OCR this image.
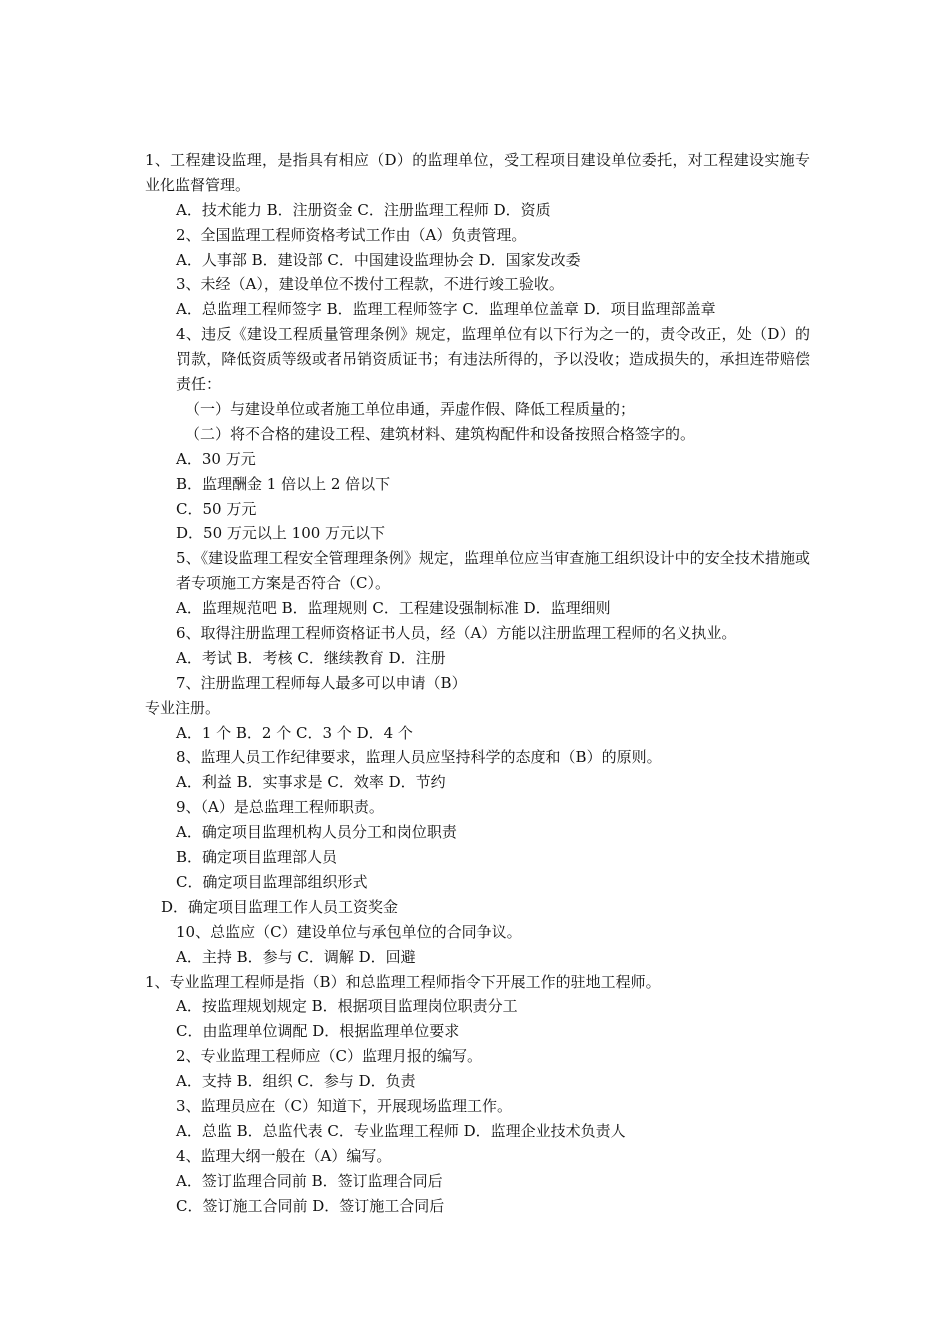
1、工程建设监理，是指具有相应（D）的监理单位，受工程项目建设单位委托，对工程建设实施专业化监督管理。
A．技术能力 B．注册资金 C．注册监理工程师 D．资质
2、全国监理工程师资格考试工作由（A）负责管理。
A．人事部 B．建设部 C．中国建设监理协会 D．国家发改委
3、未经（A），建设单位不拨付工程款，不进行竣工验收。
A．总监理工程师签字 B．监理工程师签字 C．监理单位盖章 D．项目监理部盖章
4、违反《建设工程质量管理条例》规定，监理单位有以下行为之一的，责令改正，处（D）的罚款，降低资质等级或者吊销资质证书；有违法所得的，予以没收；造成损失的，承担连带赔偿责任：
（一）与建设单位或者施工单位串通，弄虚作假、降低工程质量的；
（二）将不合格的建设工程、建筑材料、建筑构配件和设备按照合格签字的。
A．30 万元
B．监理酬金 1 倍以上 2 倍以下
C．50 万元
D．50 万元以上 100 万元以下
5、《建设监理工程安全管理理条例》规定，监理单位应当审查施工组织设计中的安全技术措施或者专项施工方案是否符合（C）。
A．监理规范吧 B．监理规则 C．工程建设强制标准 D．监理细则
6、取得注册监理工程师资格证书人员，经（A）方能以注册监理工程师的名义执业。
A．考试 B．考核 C．继续教育 D．注册
7、注册监理工程师每人最多可以申请（B）
专业注册。
A．1 个 B．2 个 C．3 个 D．4 个
8、监理人员工作纪律要求，监理人员应坚持科学的态度和（B）的原则。
A．利益 B．实事求是 C．效率 D．节约
9、（A）是总监理工程师职责。
A．确定项目监理机构人员分工和岗位职责
B．确定项目监理部人员
C．确定项目监理部组织形式
D．确定项目监理工作人员工资奖金
10、总监应（C）建设单位与承包单位的合同争议。
A．主持 B．参与 C．调解 D．回避
1、专业监理工程师是指（B）和总监理工程师指令下开展工作的驻地工程师。
A．按监理规划规定 B．根据项目监理岗位职责分工
C．由监理单位调配 D．根据监理单位要求
2、专业监理工程师应（C）监理月报的编写。
A．支持 B．组织 C．参与 D．负责
3、监理员应在（C）知道下，开展现场监理工作。
A．总监 B．总监代表 C．专业监理工程师 D．监理企业技术负责人
4、监理大纲一般在（A）编写。
A．签订监理合同前 B．签订监理合同后
C．签订施工合同前 D．签订施工合同后
